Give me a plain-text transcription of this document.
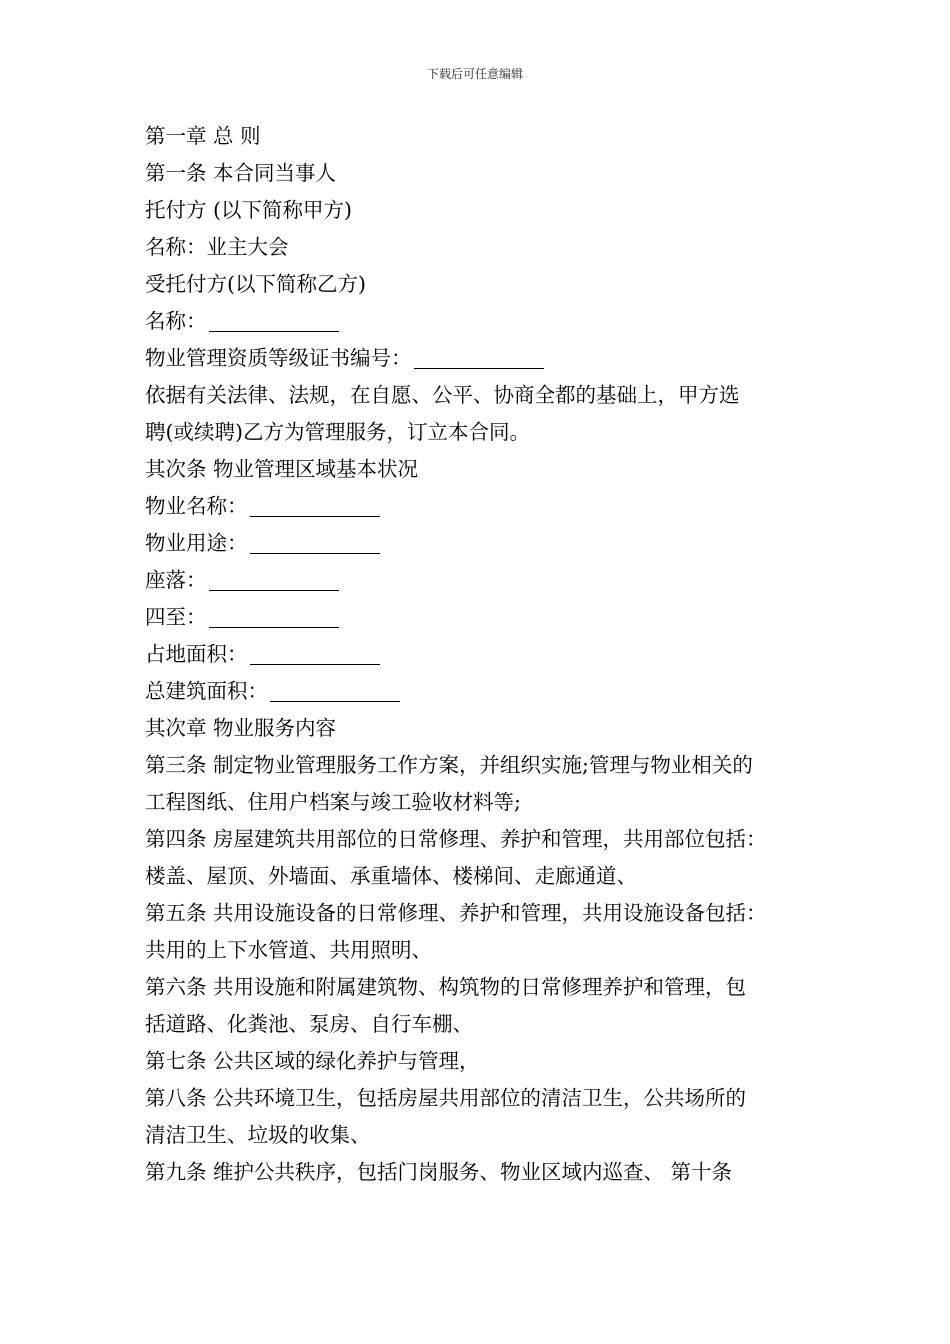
下载后可任意编辑
第一章 总 则
第一条 本合同当事人
托付方 (以下简称甲方)
名称：业主大会
受托付方(以下简称乙方)
名称：
物业管理资质等级证书编号：
依据有关法律、法规，在自愿、公平、协商全都的基础上，甲方选
聘(或续聘)乙方为管理服务，订立本合同。
其次条 物业管理区域基本状况
物业名称：
物业用途：
座落：
四至：
占地面积：
总建筑面积：
其次章 物业服务内容
第三条 制定物业管理服务工作方案，并组织实施;管理与物业相关的
工程图纸、住用户档案与竣工验收材料等;
第四条 房屋建筑共用部位的日常修理、养护和管理，共用部位包括：
楼盖、屋顶、外墙面、承重墙体、楼梯间、走廊通道、
第五条 共用设施设备的日常修理、养护和管理，共用设施设备包括：
共用的上下水管道、共用照明、
第六条 共用设施和附属建筑物、构筑物的日常修理养护和管理，包
括道路、化粪池、泵房、自行车棚、
第七条 公共区域的绿化养护与管理，
第八条 公共环境卫生，包括房屋共用部位的清洁卫生，公共场所的
清洁卫生、垃圾的收集、
第九条 维护公共秩序，包括门岗服务、物业区域内巡查、 第十条
